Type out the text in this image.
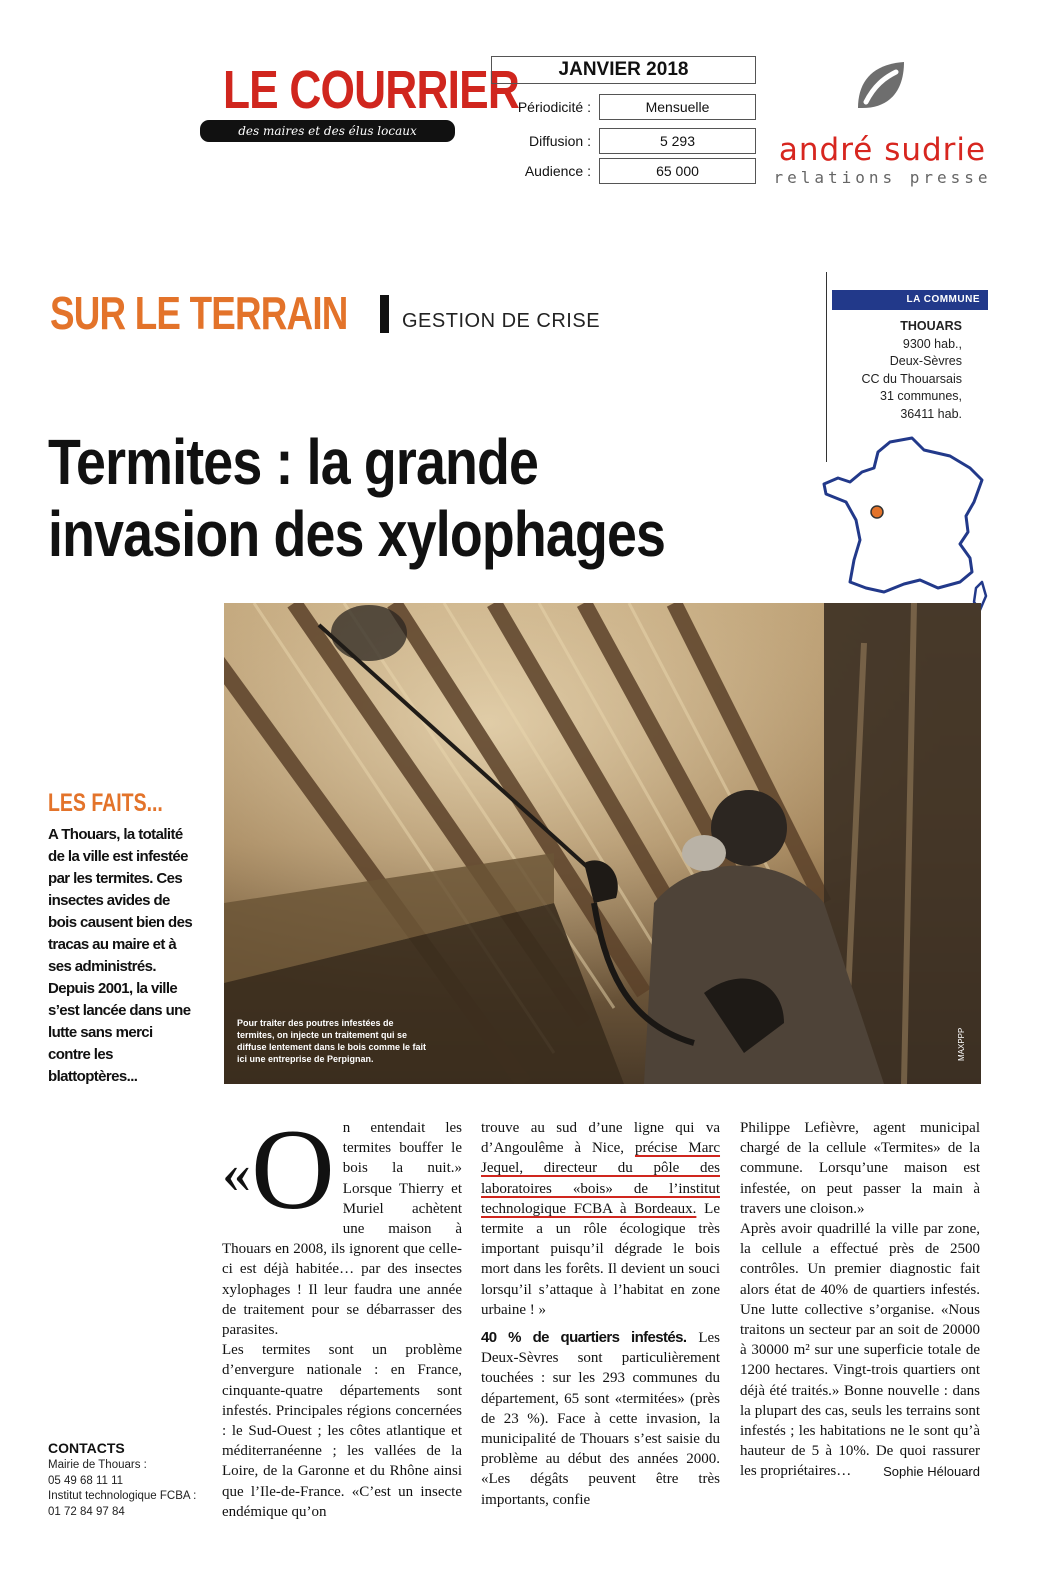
LE COURRIER
des maires et des élus locaux
JANVIER 2018
Périodicité :	Mensuelle
Diffusion :	5 293
Audience :	65 000
andré sudrie
relations presse
SUR LE TERRAIN	GESTION DE CRISE
LA COMMUNE
THOUARS
9300 hab.,
Deux-Sèvres
CC du Thouarsais
31 communes,
36411 hab.
Termites : la grande
invasion des xylophages
Pour traiter des poutres infestées de termites, on injecte un traitement qui se diffuse lentement dans le bois comme le fait ici une entreprise de Perpignan.	MAXPPP
LES FAITS...
A Thouars, la totalité de la ville est infestée par les termites. Ces insectes avides de bois causent bien des tracas au maire et à ses administrés. Depuis 2001, la ville s’est lancée dans une lutte sans merci contre les blattoptères...
CONTACTS
Mairie de Thouars :
05 49 68 11 11
Institut technologique FCBA :
01 72 84 97 84
« O n entendait les termites bouffer le bois la nuit.» Lorsque Thierry et Muriel achètent une maison à Thouars en 2008, ils ignorent que celle-ci est déjà habitée… par des insectes xylophages ! Il leur faudra une année de traitement pour se débarrasser des parasites.

Les termites sont un problème d’envergure nationale : en France, cinquante-quatre départements sont infestés. Principales régions concernées : le Sud-Ouest ; les côtes atlantique et méditerranéenne ; les vallées de la Loire, de la Garonne et du Rhône ainsi que l’Ile-de-France. «C’est un insecte endémique qu’on

trouve au sud d’une ligne qui va d’Angoulême à Nice, précise Marc Jequel, directeur du pôle des laboratoires «bois» de l’institut technologique FCBA à Bordeaux. Le termite a un rôle écologique très important puisqu’il dégrade le bois mort dans les forêts. Il devient un souci lorsqu’il s’attaque à l’habitat en zone urbaine ! »

40 % de quartiers infestés. Les Deux-Sèvres sont particulièrement touchées : sur les 293 communes du département, 65 sont «termitées» (près de 23 %). Face à cette invasion, la municipalité de Thouars s’est saisie du problème au début des années 2000. «Les dégâts peuvent être très importants, confie

Philippe Lefièvre, agent municipal chargé de la cellule «Termites» de la commune. Lorsqu’une maison est infestée, on peut passer la main à travers une cloison.»

Après avoir quadrillé la ville par zone, la cellule a effectué près de 2500 contrôles. Un premier diagnostic fait alors état de 40% de quartiers infestés. Une lutte collective s’organise. «Nous traitons un secteur par an soit de 20000 à 30000 m² sur une superficie totale de 1200 hectares. Vingt-trois quartiers ont déjà été traités.» Bonne nouvelle : dans la plupart des cas, seuls les terrains sont infestés ; les habitations ne le sont qu’à hauteur de 5 à 10%. De quoi rassurer les propriétaires…	Sophie Hélouard
